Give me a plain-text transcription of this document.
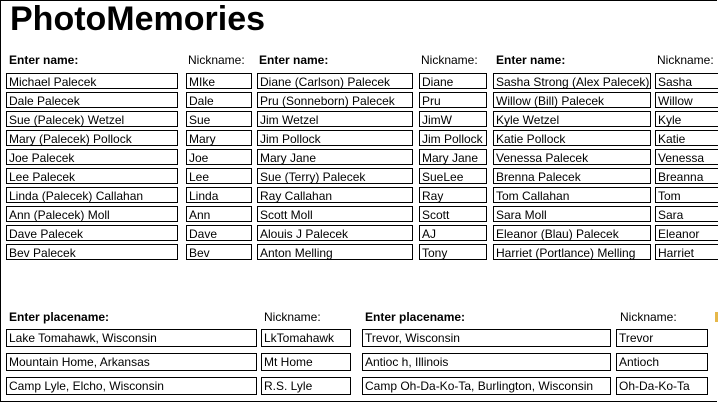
PhotoMemories
Enter name:	Nickname:
Michael Palecek	MIke
Dale Palecek	Dale
Sue (Palecek) Wetzel	Sue
Mary (Palecek) Pollock	Mary
Joe Palecek	Joe
Lee Palecek	Lee
Linda (Palecek) Callahan	Linda
Ann (Palecek) Moll	Ann
Dave Palecek	Dave
Bev Palecek	Bev
Enter name:	Nickname:
Diane (Carlson) Palecek	Diane
Pru (Sonneborn) Palecek	Pru
Jim Wetzel	JimW
Jim Pollock	Jim Pollock
Mary Jane	Mary Jane
Sue (Terry) Palecek	SueLee
Ray Callahan	Ray
Scott Moll	Scott
Alouis J Palecek	AJ
Anton Melling	Tony
Enter name:	Nickname:
Sasha Strong (Alex Palecek) Sasha
Willow (Bill) Palecek	Willow
Kyle Wetzel	Kyle
Katie Pollock	Katie
Venessa Palecek	Venessa
Brenna Palecek	Breanna
Tom Callahan	Tom
Sara Moll	Sara
Eleanor (Blau) Palecek	Eleanor
Harriet (Portlance) Melling	Harriet
Enter placename:	Nickname:
Lake Tomahawk, Wisconsin	LkTomahawk
Mountain Home, Arkansas	Mt Home
Camp Lyle, Elcho, Wisconsin	R.S. Lyle
Enter placename:	Nickname:
Trevor, Wisconsin	Trevor
Antioc h, Illinois	Antioch
Camp Oh-Da-Ko-Ta, Burlington, Wisconsin	Oh-Da-Ko-Ta
